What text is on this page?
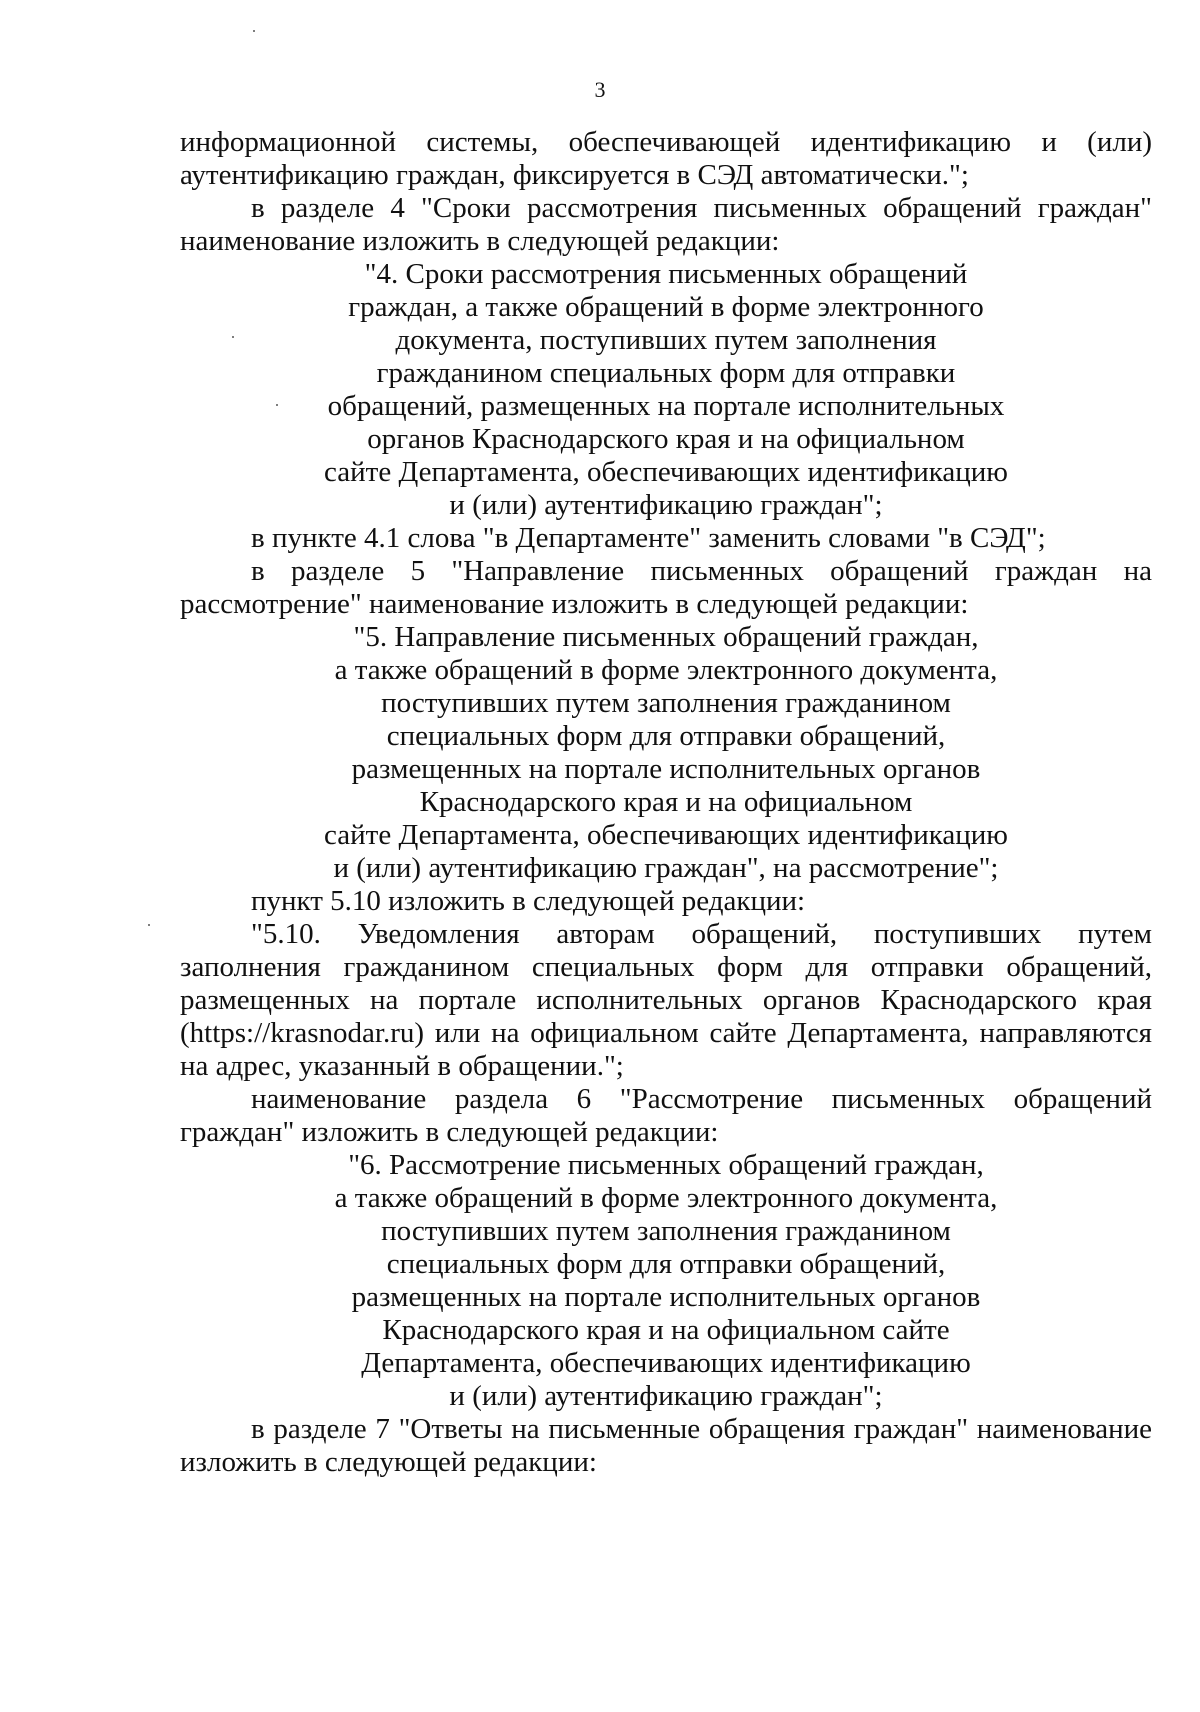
3

информационной системы, обеспечивающей идентификацию и (или) аутентификацию граждан, фиксируется в СЭД автоматически.";

в разделе 4 "Сроки рассмотрения письменных обращений граждан" наименование изложить в следующей редакции:

"4. Сроки рассмотрения письменных обращений
граждан, а также обращений в форме электронного
документа, поступивших путем заполнения
гражданином специальных форм для отправки
обращений, размещенных на портале исполнительных
органов Краснодарского края и на официальном
сайте Департамента, обеспечивающих идентификацию
и (или) аутентификацию граждан";

в пункте 4.1 слова "в Департаменте" заменить словами "в СЭД";

в разделе 5 "Направление письменных обращений граждан на рассмотрение" наименование изложить в следующей редакции:

"5. Направление письменных обращений граждан,
а также обращений в форме электронного документа,
поступивших путем заполнения гражданином
специальных форм для отправки обращений,
размещенных на портале исполнительных органов
Краснодарского края и на официальном
сайте Департамента, обеспечивающих идентификацию
и (или) аутентификацию граждан", на рассмотрение";

пункт 5.10 изложить в следующей редакции:

"5.10. Уведомления авторам обращений, поступивших путем заполнения гражданином специальных форм для отправки обращений, размещенных на портале исполнительных органов Краснодарского края (https://krasnodar.ru) или на официальном сайте Департамента, направляются на адрес, указанный в обращении.";

наименование раздела 6 "Рассмотрение письменных обращений граждан" изложить в следующей редакции:

"6. Рассмотрение письменных обращений граждан,
а также обращений в форме электронного документа,
поступивших путем заполнения гражданином
специальных форм для отправки обращений,
размещенных на портале исполнительных органов
Краснодарского края и на официальном сайте
Департамента, обеспечивающих идентификацию
и (или) аутентификацию граждан";

в разделе 7 "Ответы на письменные обращения граждан" наименование изложить в следующей редакции:
